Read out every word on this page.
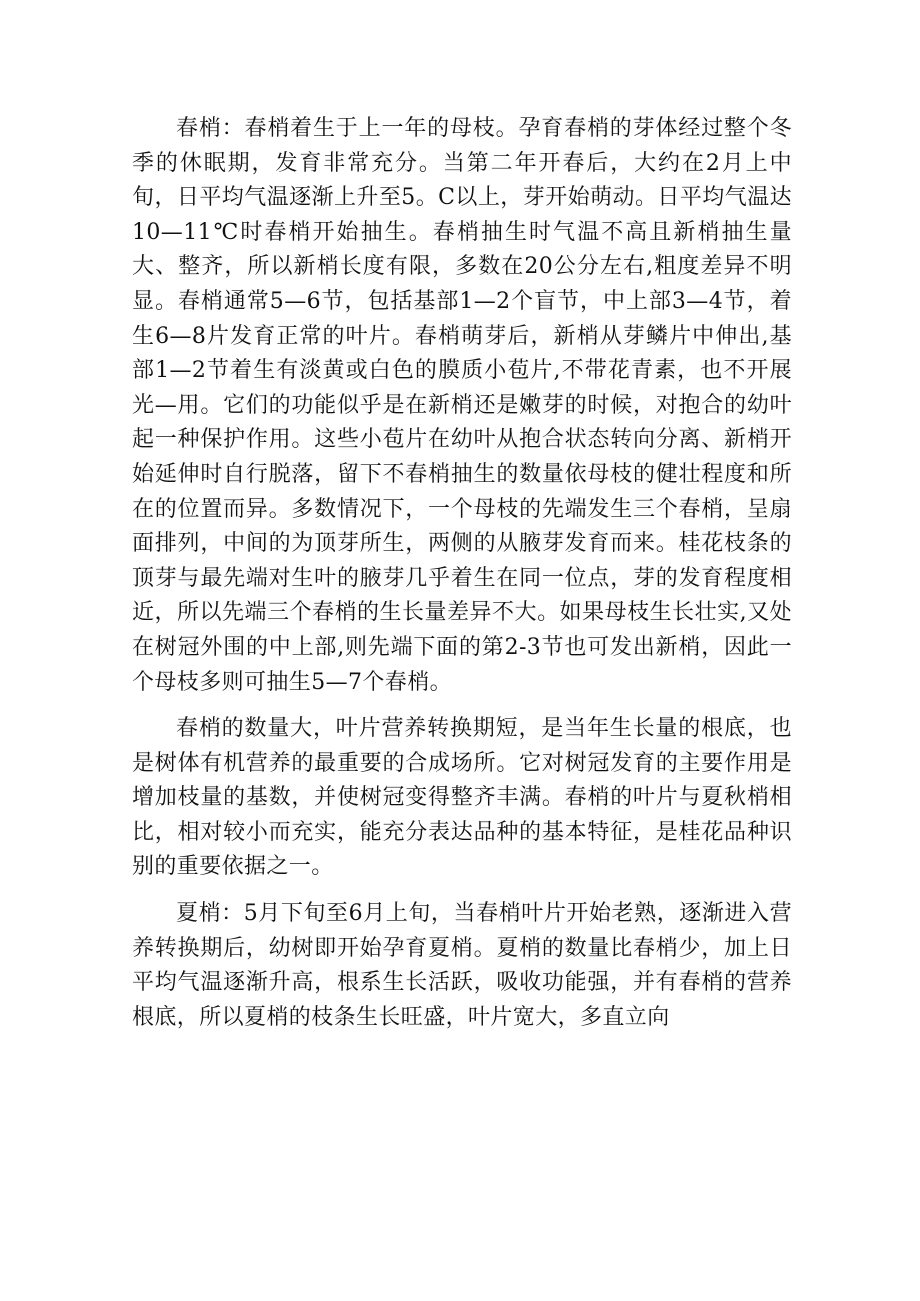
春梢：春梢着生于上一年的母枝。孕育春梢的芽体经过整个冬季的休眠期，发育非常充分。当第二年开春后，大约在2月上中旬，日平均气温逐渐上升至5。C以上，芽开始萌动。日平均气温达10—11℃时春梢开始抽生。春梢抽生时气温不高且新梢抽生量大、整齐，所以新梢长度有限，多数在20公分左右,粗度差异不明显。春梢通常5—6节，包括基部1—2个盲节，中上部3—4节，着生6—8片发育正常的叶片。春梢萌芽后，新梢从芽鳞片中伸出,基部1—2节着生有淡黄或白色的膜质小苞片,不带花青素，也不开展光—用。它们的功能似乎是在新梢还是嫩芽的时候，对抱合的幼叶起一种保护作用。这些小苞片在幼叶从抱合状态转向分离、新梢开始延伸时自行脱落，留下不春梢抽生的数量依母枝的健壮程度和所在的位置而异。多数情况下，一个母枝的先端发生三个春梢，呈扇面排列，中间的为顶芽所生，两侧的从腋芽发育而来。桂花枝条的顶芽与最先端对生叶的腋芽几乎着生在同一位点，芽的发育程度相近，所以先端三个春梢的生长量差异不大。如果母枝生长壮实,又处在树冠外围的中上部,则先端下面的第2-3节也可发出新梢，因此一个母枝多则可抽生5—7个春梢。

春梢的数量大，叶片营养转换期短，是当年生长量的根底，也是树体有机营养的最重要的合成场所。它对树冠发育的主要作用是增加枝量的基数，并使树冠变得整齐丰满。春梢的叶片与夏秋梢相比，相对较小而充实，能充分表达品种的基本特征，是桂花品种识别的重要依据之一。

夏梢：5月下旬至6月上旬，当春梢叶片开始老熟，逐渐进入营养转换期后，幼树即开始孕育夏梢。夏梢的数量比春梢少，加上日平均气温逐渐升高，根系生长活跃，吸收功能强，并有春梢的营养根底，所以夏梢的枝条生长旺盛，叶片宽大，多直立向
